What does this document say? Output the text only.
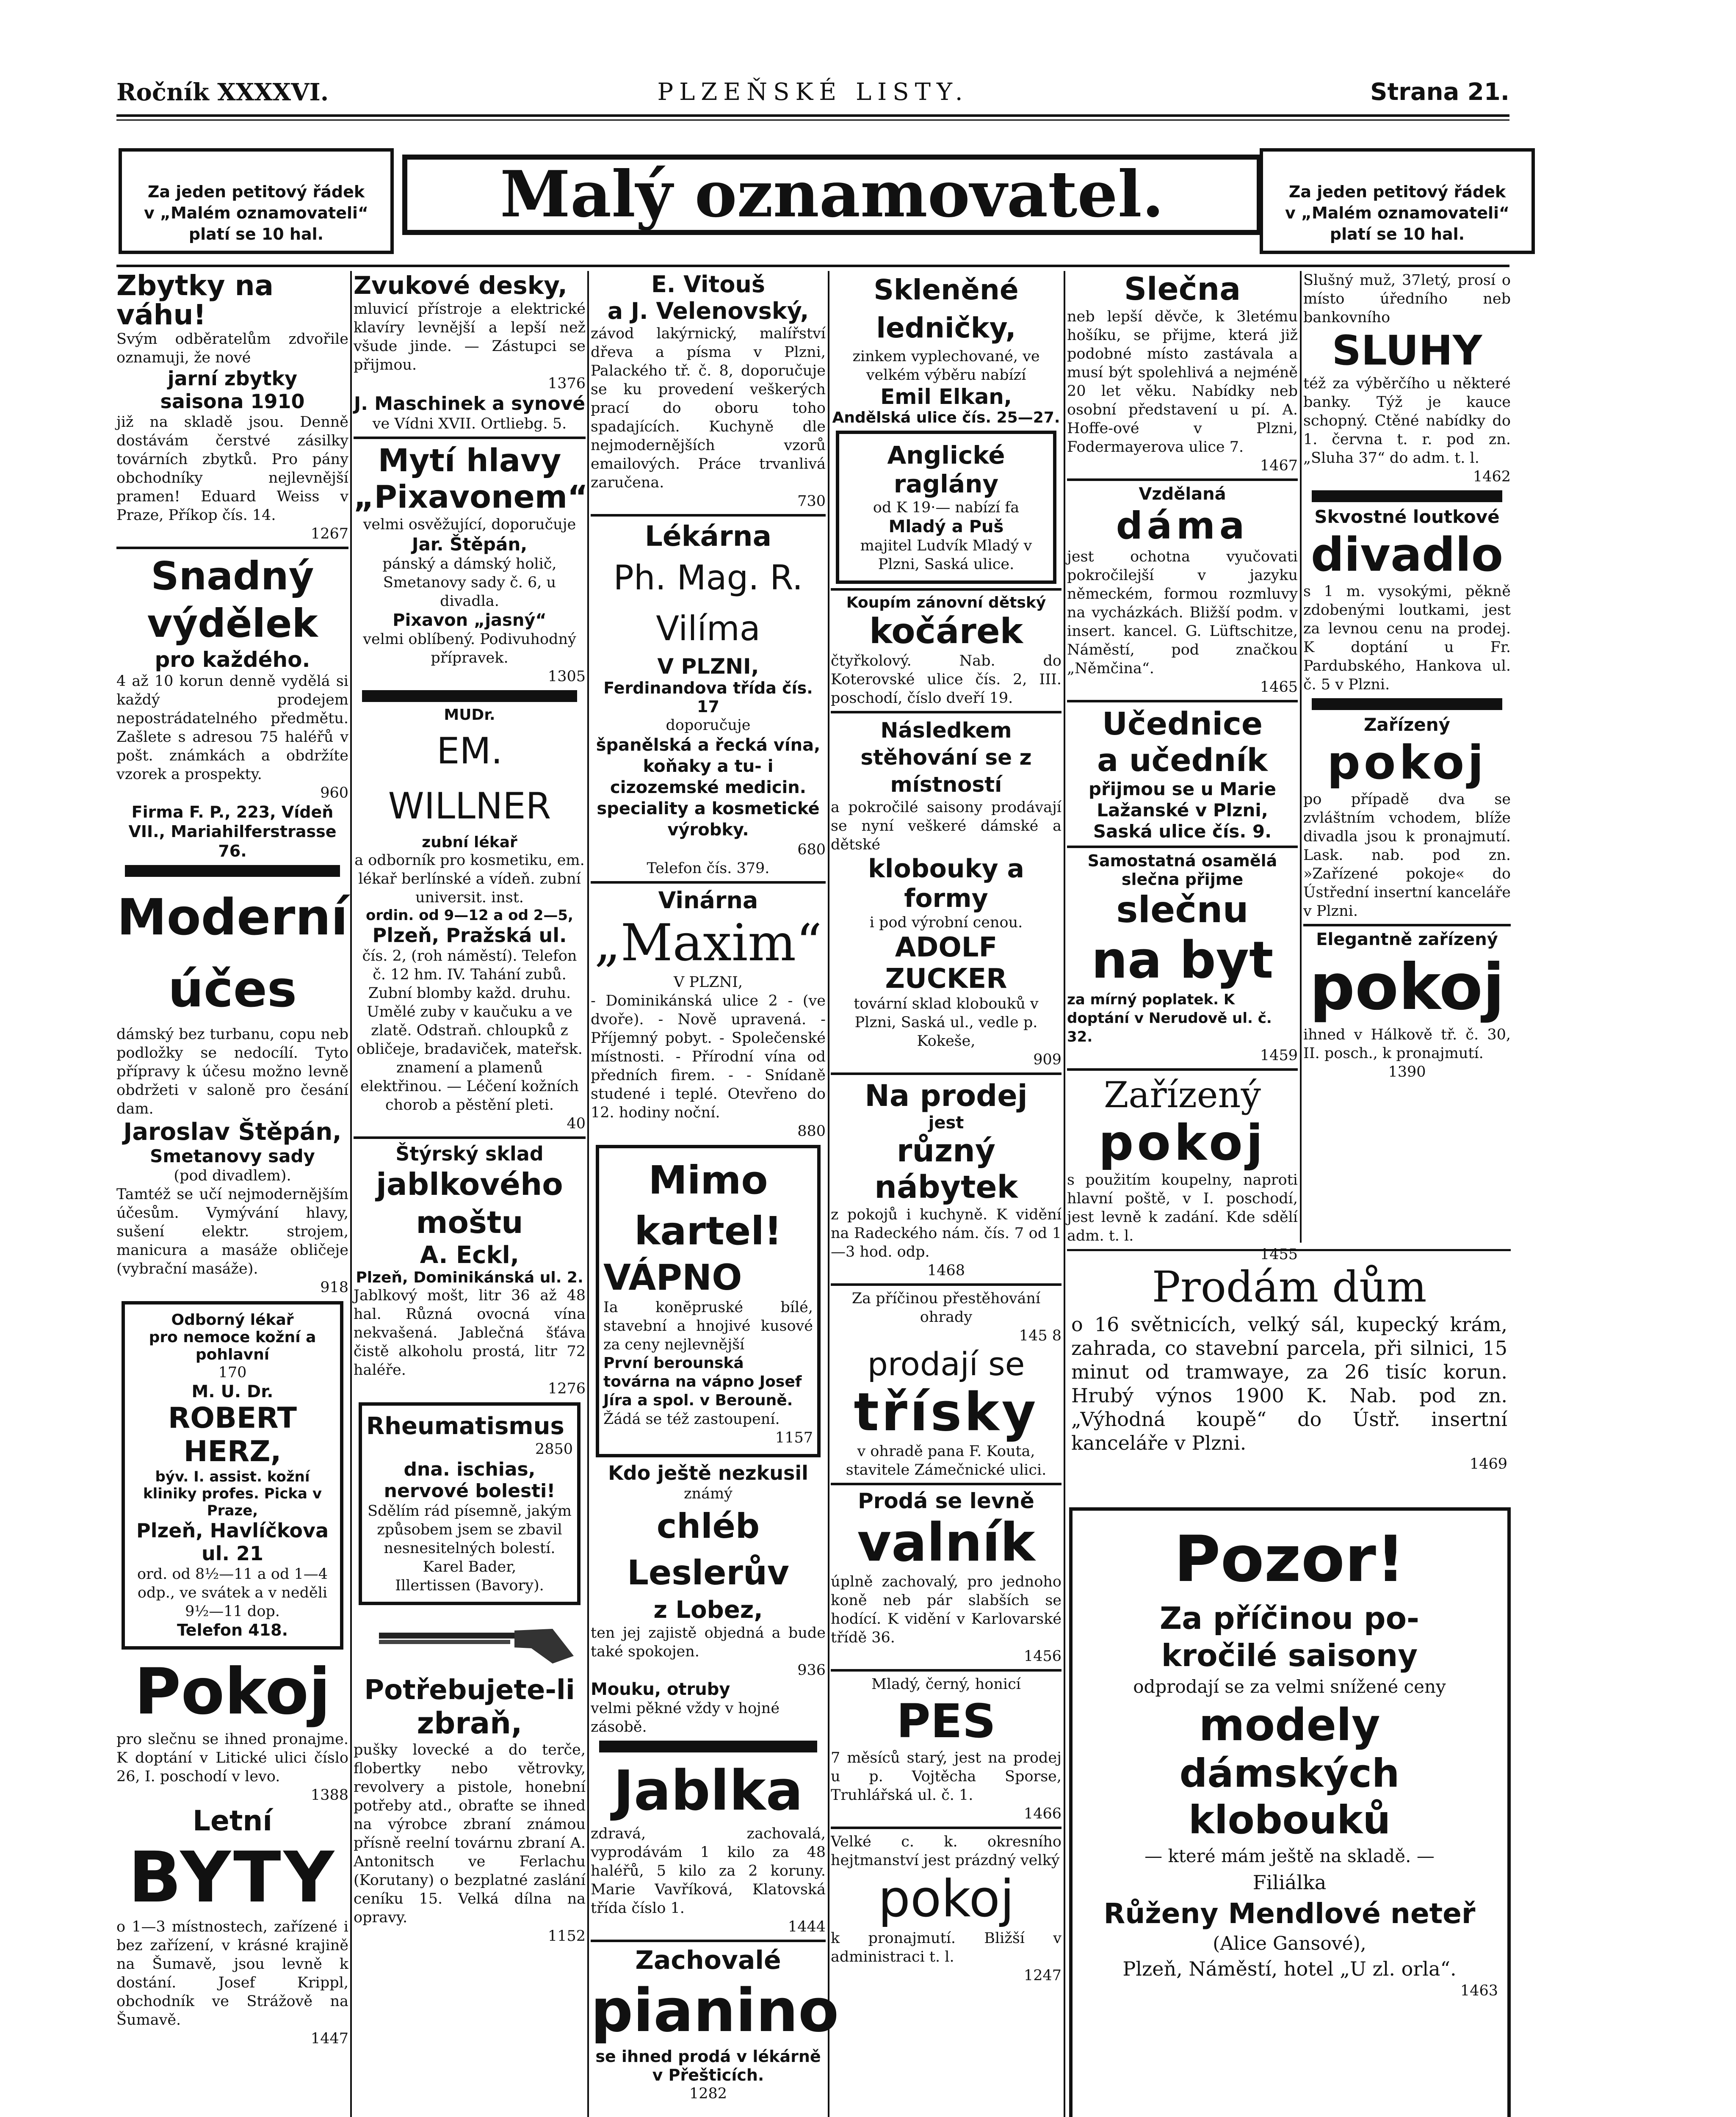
Ročník XXXXVI.	PLZEŇSKÉ LISTY.	Strana 21.
Za jeden petitový řádek
v „Malém oznamovateli“
platí se 10 hal.
Malý oznamovatel.	Za jeden petitový řádek
v „Malém oznamovateli“
platí se 10 hal.
Zbytky na váhu!
Svým odběratelům zdvořile oznamuji, že nové
jarní zbytky
saisona 1910
již na skladě jsou. Denně dostávám čerstvé zásilky továrních zbytků. Pro pány obchodníky nejlevnější pramen! Eduard Weiss v Praze, Příkop čís. 14.
1267
Snadný výdělek
pro každého.
4 až 10 korun denně vydělá si každý prodejem nepostrádatelného předmětu. Zašlete s adresou 75 haléřů v pošt. známkách a obdržíte vzorek a prospekty.
960
Firma F. P., 223, Vídeň VII., Mariahilferstrasse 76.
Moderní účes
dámský bez turbanu, copu neb podložky se nedocílí. Tyto přípravy k účesu možno levně obdržeti v saloně pro česání dam.
Jaroslav Štěpán,
Smetanovy sady
(pod divadlem).
Tamtéž se učí nejmodernějším účesům. Vymývání hlavy, sušení elektr. strojem, manicura a masáže obličeje (vybrační masáže).
918
Odborný lékař
pro nemoce kožní a pohlavní
170
M. U. Dr.
ROBERT HERZ,
býv. I. assist. kožní kliniky profes. Picka v Praze,
Plzeň, Havlíčkova ul. 21
ord. od 8½—11 a od 1—4 odp., ve svátek a v neděli 9½—11 dop.
Telefon 418.
Pokoj
pro slečnu se ihned pronajme. K doptání v Litické ulici číslo 26, I. poschodí v levo.
1388
Letní
BYTY
o 1—3 místnostech, zařízené i bez zařízení, v krásné krajině na Šumavě, jsou levně k dostání. Josef Krippl, obchodník ve Strážově na Šumavě.
1447
Zvukové desky,
mluvicí přístroje a elektrické klavíry levnější a lepší než všude jinde. — Zástupci se přijmou.
1376
J. Maschinek a synové
ve Vídni XVII. Ortliebg. 5.
Mytí hlavy
„Pixavonem“
velmi osvěžující, doporučuje
Jar. Štěpán,
pánský a dámský holič, Smetanovy sady č. 6, u divadla.
Pixavon „jasný“
velmi oblíbený. Podivuhodný přípravek.
1305
MUDr.
EM. WILLNER
zubní lékař
a odborník pro kosmetiku, em. lékař berlínské a vídeň. zubní universit. inst.
ordin. od 9—12 a od 2—5,
Plzeň, Pražská ul.
čís. 2, (roh náměstí). Telefon č. 12 hm. IV. Tahání zubů. Zubní blomby každ. druhu. Umělé zuby v kaučuku a ve zlatě. Odstraň. chloupků z obličeje, bradaviček, mateřsk. znamení a plamenů elektřinou. — Léčení kožních chorob a pěstění pleti.
40
Štýrský sklad
jablkového moštu
A. Eckl,
Plzeň, Dominikánská ul. 2.
Jablkový mošt, litr 36 až 48 hal. Různá ovocná vína nekvašená. Jablečná šťáva čistě alkoholu prostá, litr 72 haléře.
1276
Rheumatismus
2850
dna. ischias,
nervové bolesti!
Sdělím rád písemně, jakým způsobem jsem se zbavil nesnesitelných bolestí.
Karel Bader,
Illertissen (Bavory).
Potřebujete-li
zbraň,
pušky lovecké a do terče, flobertky nebo větrovky, revolvery a pistole, honební potřeby atd., obraťte se ihned na výrobce zbraní známou přísně reelní továrnu zbraní A. Antonitsch ve Ferlachu (Korutany) o bezplatné zaslání ceníku 15. Velká dílna na opravy.
1152
E. Vitouš
a J. Velenovský,
závod lakýrnický, malířství dřeva a písma v Plzni, Palackého tř. č. 8, doporučuje se ku provedení veškerých prací do oboru toho spadajících. Kuchyně dle nejmodernějších vzorů emailových. Práce trvanlivá zaručena.
730
Lékárna
Ph. Mag. R. Vilíma
V PLZNI,
Ferdinandova třída čís. 17
doporučuje
španělská a řecká vína, koňaky a tu- i cizozemské medicin. speciality a kosmetické výrobky.
680
Telefon čís. 379.
Vinárna
„Maxim“
V PLZNI,
- Dominikánská ulice 2 - (ve dvoře). - Nově upravená. - Příjemný pobyt. - Společenské místnosti. - Přírodní vína od předních firem. - - Snídaně studené i teplé. Otevřeno do 12. hodiny noční.
880
Mimo kartel!
VÁPNO
Ia konĕpruské bílé, stavební a hnojivé kusové za ceny nejlevnější
První berounská továrna na vápno Josef Jíra a spol. v Berouně.
Žádá se též zastoupení.
1157
Kdo ještě nezkusil
známý
chléb Leslerův
z Lobez,
ten jej zajistě objedná a bude také spokojen.
936
Mouku, otruby
velmi pěkné vždy v hojné zásobě.
Jablka
zdravá, zachovalá, vyprodávám 1 kilo za 48 haléřů, 5 kilo za 2 koruny. Marie Vavříková, Klatovská třída číslo 1.
1444
Zachovalé
pianino
se ihned prodá v lékárně v Přešticích.
1282
Skleněné ledničky,
zinkem vyplechované, ve velkém výběru nabízí
Emil Elkan,
Andělská ulice čís. 25—27.
Anglické
raglány
od K 19·— nabízí fa
Mladý a Puš
majitel Ludvík Mladý v Plzni, Saská ulice.
Koupím zánovní dětský
kočárek
čtyřkolový. Nab. do Koterovské ulice čís. 2, III. poschodí, číslo dveří 19.
Následkem stěhování se z místností
a pokročilé saisony prodávají se nyní veškeré dámské a dětské
klobouky a formy
i pod výrobní cenou.
ADOLF ZUCKER
tovární sklad klobouků v Plzni, Saská ul., vedle p. Kokeše,
909
Na prodej
jest
různý nábytek
z pokojů i kuchyně. K vidění na Radeckého nám. čís. 7 od 1—3 hod. odp.
1468
Za příčinou přestěhování ohrady
145 8
prodají se
třísky
v ohradě pana F. Kouta, stavitele Zámečnické ulici.
Prodá se levně
valník
úplně zachovalý, pro jednoho koně neb pár slabších se hodící. K vidění v Karlovarské třídě 36.
1456
Mladý, černý, honicí
PES
7 měsíců starý, jest na prodej u p. Vojtěcha Sporse, Truhlářská ul. č. 1.
1466
Velké c. k. okresního hejtmanství jest prázdný velký
pokoj
k pronajmutí. Bližší v administraci t. l.
1247
Slečna
neb lepší děvče, k 3letému hošíku, se přijme, která již podobné místo zastávala a musí být spolehlivá a nejméně 20 let věku. Nabídky neb osobní představení u pí. A. Hoffe-ové v Plzni, Fodermayerova ulice 7.
1467
Vzdělaná
dáma
jest ochotna vyučovati pokročilejší v jazyku německém, formou rozmluvy na vycházkách. Bližší podm. v insert. kancel. G. Lüftschitze, Náměstí, pod značkou „Němčina“.
1465
Učednice
a učedník
přijmou se u Marie Lažanské v Plzni, Saská ulice čís. 9.
Samostatná osamělá slečna přijme
slečnu
na byt
za mírný poplatek. K doptání v Nerudově ul. č. 32.
1459
Zařízený
pokoj
s použitím koupelny, naproti hlavní poště, v I. poschodí, jest levně k zadání. Kde sdělí adm. t. l.
1455
Slušný muž, 37letý, prosí o místo úředního neb bankovního
SLUHY
též za výběrčího u některé banky. Týž je kauce schopný. Ctěné nabídky do 1. června t. r. pod zn. „Sluha 37“ do adm. t. l.
1462
Skvostné loutkové
divadlo
s 1 m. vysokými, pěkně zdobenými loutkami, jest za levnou cenu na prodej. K doptání u Fr. Pardubského, Hankova ul. č. 5 v Plzni.
Zařízený
pokoj
po případě dva se zvláštním vchodem, blíže divadla jsou k pronajmutí. Lask. nab. pod zn. »Zařízené pokoje« do Ústřední insertní kanceláře v Plzni.
Elegantně zařízený
pokoj
ihned v Hálkově tř. č. 30, II. posch., k pronajmutí.
1390
Prodám dům
o 16 světnicích, velký sál, kupecký krám, zahrada, co stavební parcela, při silnici, 15 minut od tramwaye, za 26 tisíc korun. Hrubý výnos 1900 K. Nab. pod zn. „Výhodná koupě“ do Ústř. insertní kanceláře v Plzni.
1469
Pozor!
Za příčinou po-
kročilé saisony
odprodají se za velmi snížené ceny
modely
dámských klobouků
— které mám ještě na skladě. —
Filiálka
Růženy Mendlové neteř
(Alice Gansové),
Plzeň, Náměstí, hotel „U zl. orla“.
1463
